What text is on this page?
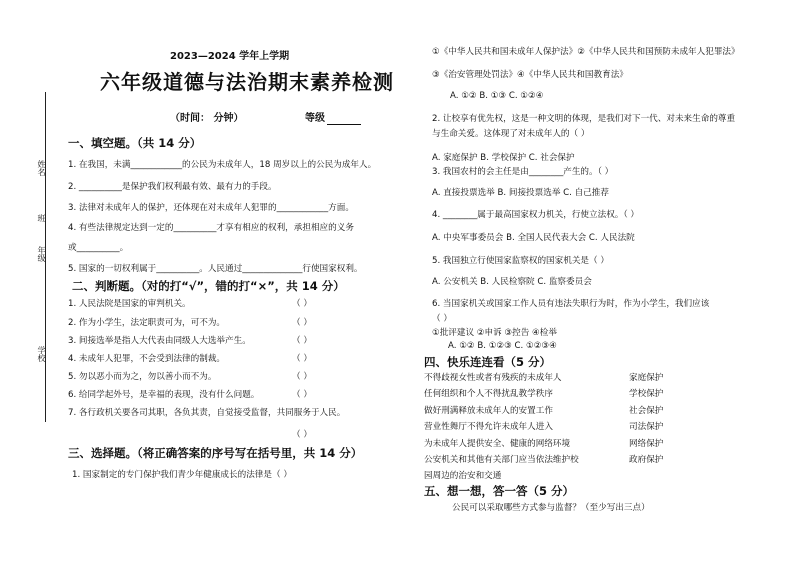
姓名
班
年级
学校
2023—2024 学年上学期
六年级道德与法治期末素养检测
（时间： 分钟）	等级
一、填空题。（共 14 分）
1. 在我国，未满____________的公民为未成年人，18 周岁以上的公民为成年人。
2. __________是保护我们权利最有效、最有力的手段。
3. 法律对未成年人的保护，还体现在对未成年人犯罪的____________方面。
4. 有些法律规定达到一定的__________才享有相应的权利，承担相应的义务
或__________。
5. 国家的一切权利属于__________。人民通过______________行使国家权利。
二、判断题。（对的打“√”，错的打“×”，共 14 分）
1. 人民法院是国家的审判机关。
2. 作为小学生，法定职责可为，可不为。
3. 间接选举是指人大代表由同级人大选举产生。
4. 未成年人犯罪，不会受到法律的制裁。
5. 勿以恶小而为之，勿以善小而不为。
6. 给同学起外号，是幸福的表现，没有什么问题。
7. 各行政机关要各司其职，各负其责，自觉接受监督，共同服务于人民。
（ ）
（ ）
（ ）
（ ）
（ ）
（ ）
（ ）
三、选择题。（将正确答案的序号写在括号里，共 14 分）
1. 国家制定的专门保护我们青少年健康成长的法律是（ ）
①《中华人民共和国未成年人保护法》②《中华人民共和国预防未成年人犯罪法》
③《治安管理处罚法》④《中华人民共和国教育法》
A. ①② B. ①③ C. ①②④
2. 让校享有优先权，这是一种文明的体现，是我们对下一代、对未来生命的尊重
与生命关爱。这体现了对未成年人的（ ）
A. 家庭保护 B. 学校保护 C. 社会保护
3. 我国农村的会主任是由________产生的。（ ）
A. 直接投票选举 B. 间接投票选举 C. 自己推荐
4. ________属于最高国家权力机关，行使立法权。（ ）
A. 中央军事委员会 B. 全国人民代表大会 C. 人民法院
5. 我国独立行使国家监察权的国家机关是（ ）
A. 公安机关 B. 人民检察院 C. 监察委员会
6. 当国家机关或国家工作人员有违法失职行为时，作为小学生，我们应该
（ ）
①批评建议 ②申诉 ③控告 ④检举
A. ①② B. ①②③ C. ①②③④
四、快乐连连看（5 分）
不得歧视女性或者有残疾的未成年人
任何组织和个人不得扰乱教学秩序
做好刑满释放未成年人的安置工作
营业性舞厅不得允许未成年人进入
为未成年人提供安全、健康的网络环境
公安机关和其他有关部门应当依法维护校
园周边的治安和交通
家庭保护
学校保护
社会保护
司法保护
网络保护
政府保护
五、想一想，答一答（5 分）
公民可以采取哪些方式参与监督？（至少写出三点）
